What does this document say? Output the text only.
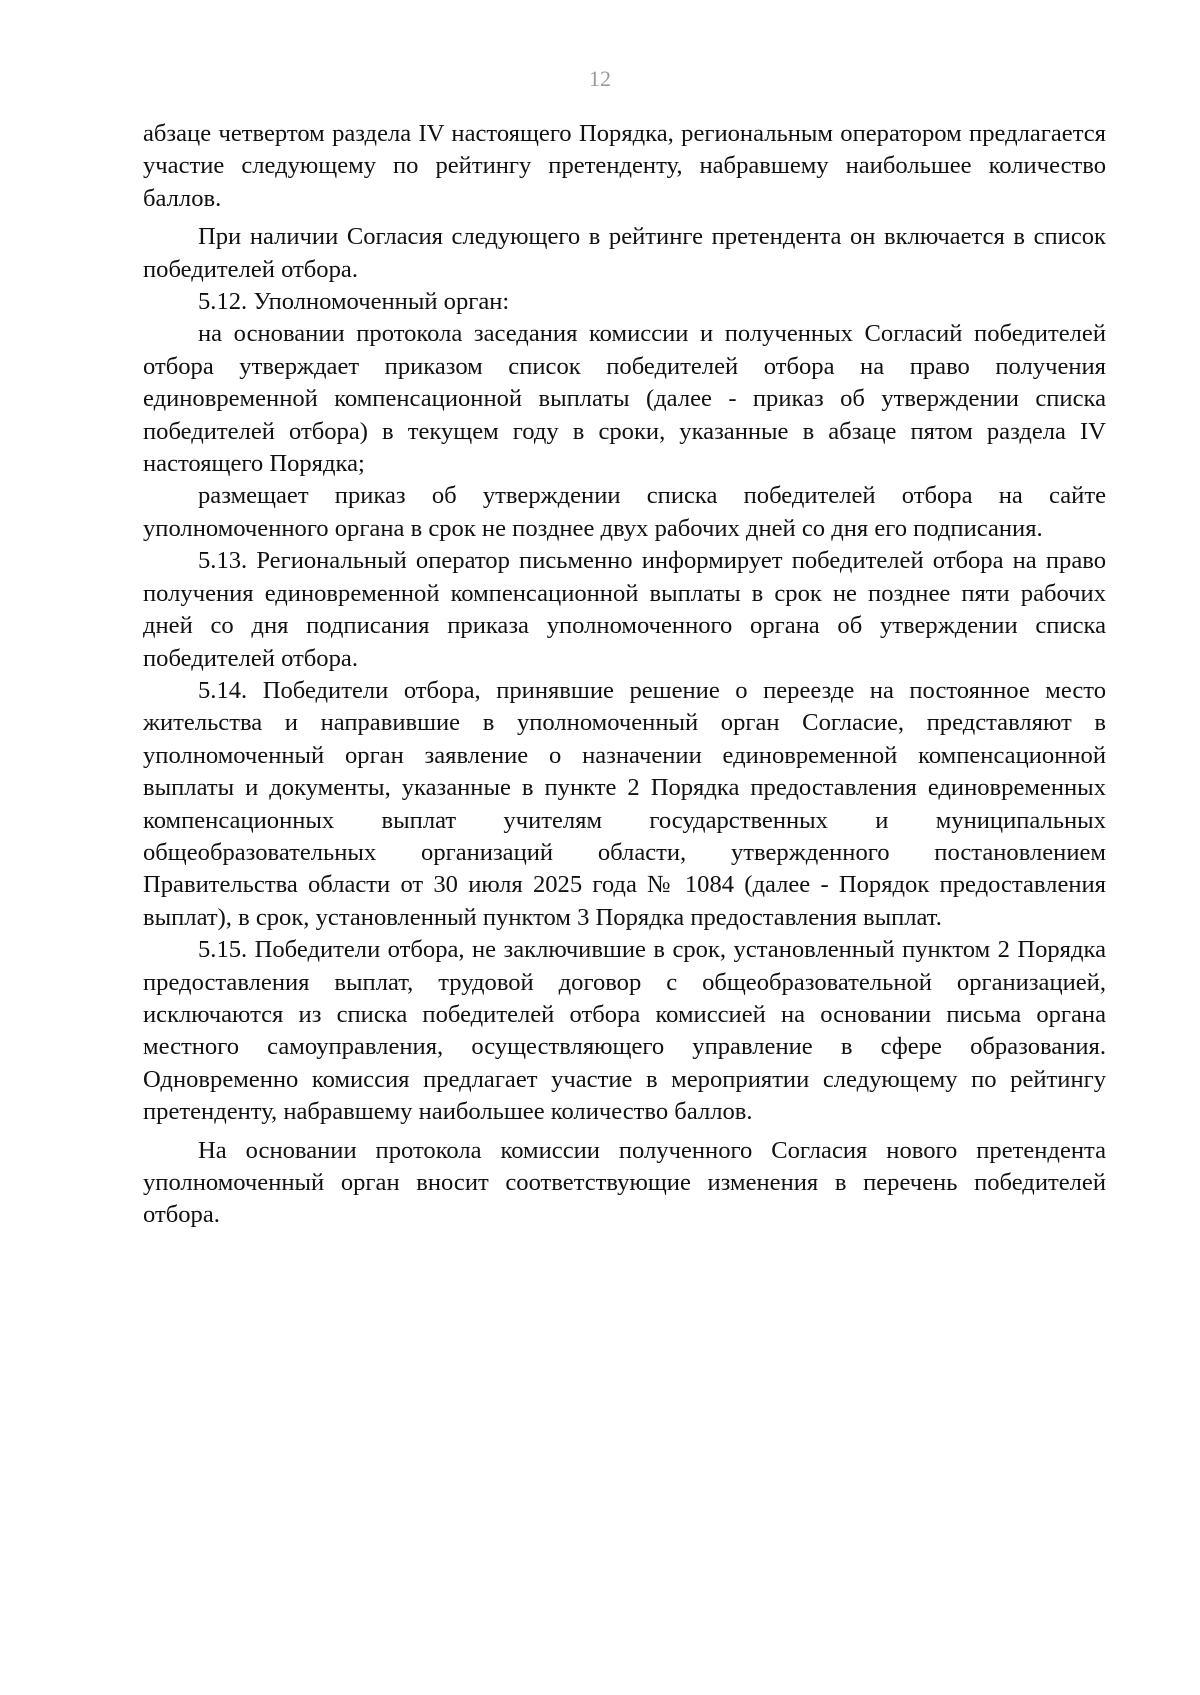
12

абзаце четвертом раздела IV настоящего Порядка, региональным оператором предлагается участие следующему по рейтингу претенденту, набравшему наибольшее количество баллов.

При наличии Согласия следующего в рейтинге претендента он включается в список победителей отбора.

5.12. Уполномоченный орган:

на основании протокола заседания комиссии и полученных Согласий победителей отбора утверждает приказом список победителей отбора на право получения единовременной компенсационной выплаты (далее - приказ об утверждении списка победителей отбора) в текущем году в сроки, указанные в абзаце пятом раздела IV настоящего Порядка;

размещает приказ об утверждении списка победителей отбора на сайте уполномоченного органа в срок не позднее двух рабочих дней со дня его подписания.

5.13. Региональный оператор письменно информирует победителей отбора на право получения единовременной компенсационной выплаты в срок не позднее пяти рабочих дней со дня подписания приказа уполномоченного органа об утверждении списка победителей отбора.

5.14. Победители отбора, принявшие решение о переезде на постоянное место жительства и направившие в уполномоченный орган Согласие, представляют в уполномоченный орган заявление о назначении единовременной компенсационной выплаты и документы, указанные в пункте 2 Порядка предоставления единовременных компенсационных выплат учителям государственных и муниципальных общеобразовательных организаций области, утвержденного постановлением Правительства области от 30 июля 2025 года № 1084 (далее - Порядок предоставления выплат), в срок, установленный пунктом 3 Порядка предоставления выплат.

5.15. Победители отбора, не заключившие в срок, установленный пунктом 2 Порядка предоставления выплат, трудовой договор с общеобразовательной организацией, исключаются из списка победителей отбора комиссией на основании письма органа местного самоуправления, осуществляющего управление в сфере образования. Одновременно комиссия предлагает участие в мероприятии следующему по рейтингу претенденту, набравшему наибольшее количество баллов.

На основании протокола комиссии полученного Согласия нового претендента уполномоченный орган вносит соответствующие изменения в перечень победителей отбора.
